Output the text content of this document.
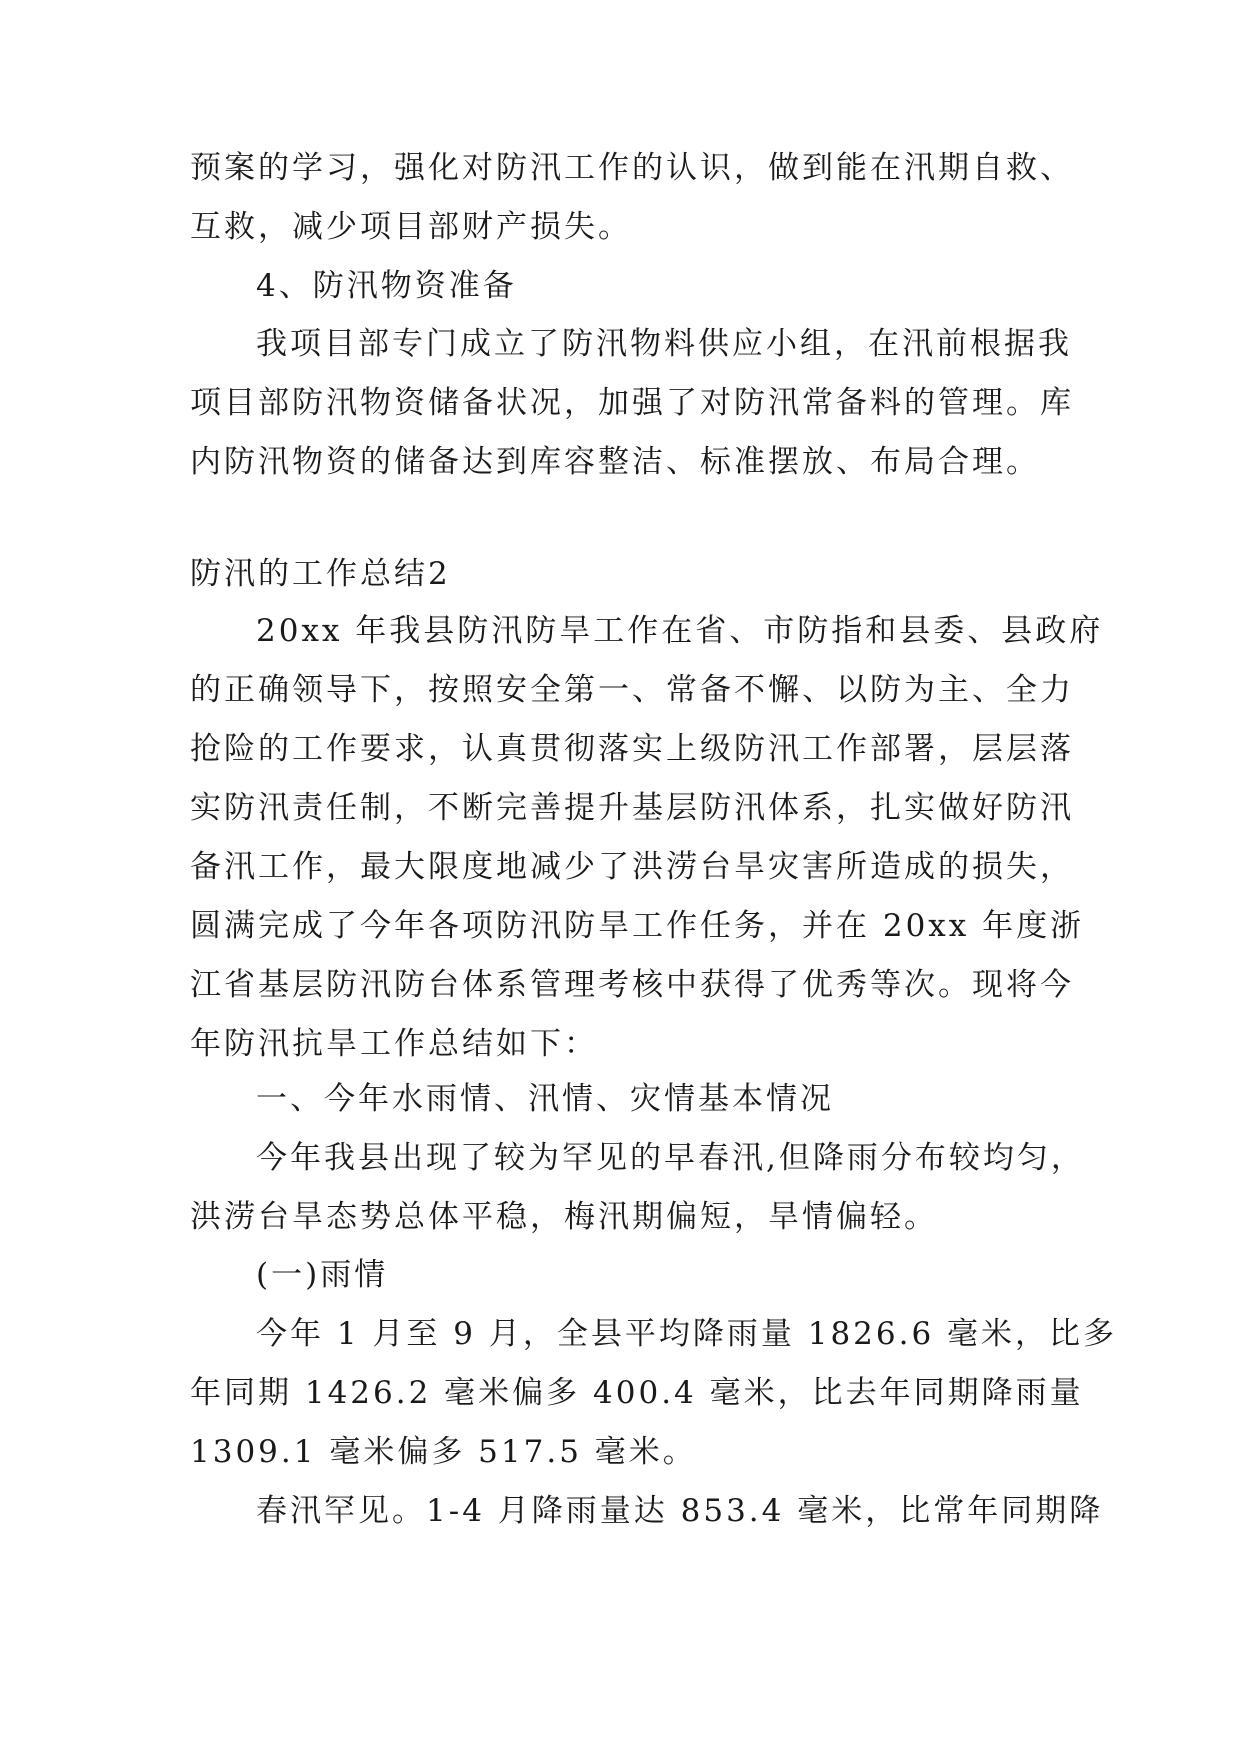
预案的学习，强化对防汛工作的认识，做到能在汛期自救、
互救，减少项目部财产损失。
4、防汛物资准备
我项目部专门成立了防汛物料供应小组，在汛前根据我
项目部防汛物资储备状况，加强了对防汛常备料的管理。库
内防汛物资的储备达到库容整洁、标准摆放、布局合理。
防汛的工作总结2
20xx 年我县防汛防旱工作在省、市防指和县委、县政府
的正确领导下，按照安全第一、常备不懈、以防为主、全力
抢险的工作要求，认真贯彻落实上级防汛工作部署，层层落
实防汛责任制，不断完善提升基层防汛体系，扎实做好防汛
备汛工作，最大限度地减少了洪涝台旱灾害所造成的损失，
圆满完成了今年各项防汛防旱工作任务，并在 20xx 年度浙
江省基层防汛防台体系管理考核中获得了优秀等次。现将今
年防汛抗旱工作总结如下：
一、今年水雨情、汛情、灾情基本情况
今年我县出现了较为罕见的早春汛,但降雨分布较均匀，
洪涝台旱态势总体平稳，梅汛期偏短，旱情偏轻。
(一)雨情
今年 1 月至 9 月，全县平均降雨量 1826.6 毫米，比多
年同期 1426.2 毫米偏多 400.4 毫米，比去年同期降雨量
1309.1 毫米偏多 517.5 毫米。
春汛罕见。1-4 月降雨量达 853.4 毫米，比常年同期降
